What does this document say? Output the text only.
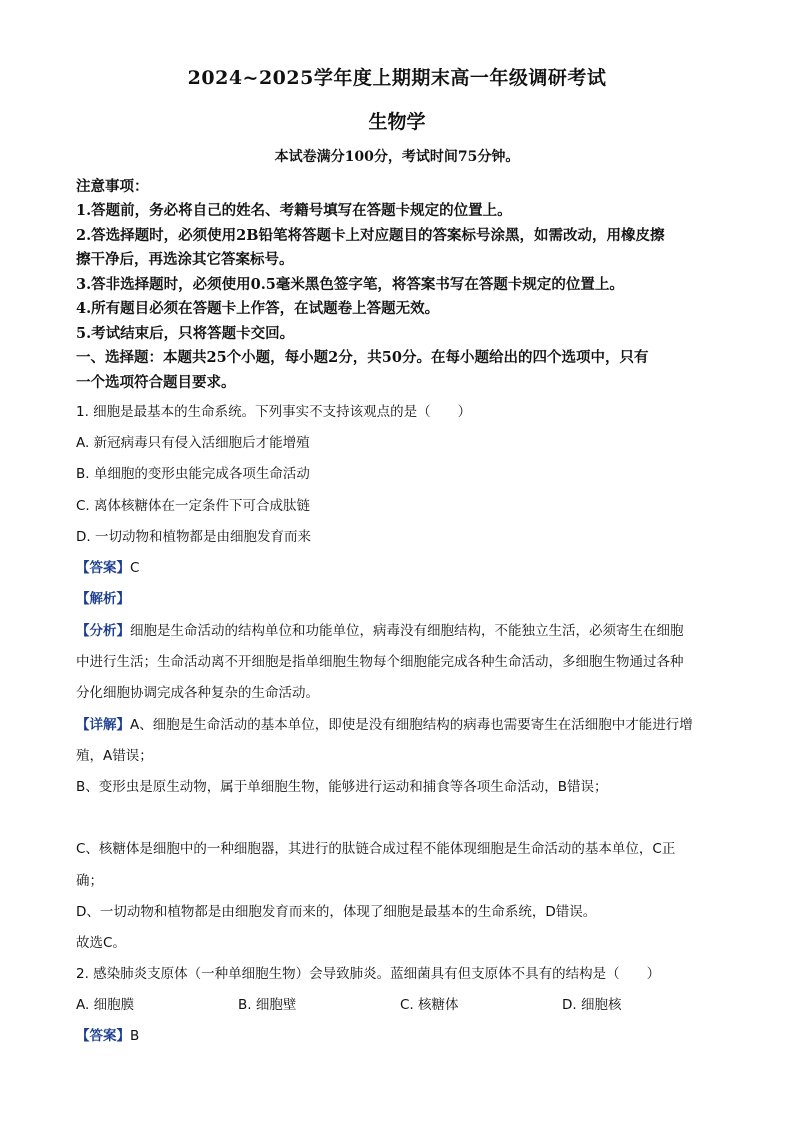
2024~2025学年度上期期末高一年级调研考试
生物学
本试卷满分100分，考试时间75分钟。
注意事项：
1.答题前，务必将自己的姓名、考籍号填写在答题卡规定的位置上。
2.答选择题时，必须使用2B铅笔将答题卡上对应题目的答案标号涂黑，如需改动，用橡皮擦
擦干净后，再选涂其它答案标号。
3.答非选择题时，必须使用0.5毫米黑色签字笔，将答案书写在答题卡规定的位置上。
4.所有题目必须在答题卡上作答，在试题卷上答题无效。
5.考试结束后，只将答题卡交回。
一、选择题：本题共25个小题，每小题2分，共50分。在每小题给出的四个选项中，只有
一个选项符合题目要求。
1. 细胞是最基本的生命系统。下列事实不支持该观点的是（　　）
A. 新冠病毒只有侵入活细胞后才能增殖
B. 单细胞的变形虫能完成各项生命活动
C. 离体核糖体在一定条件下可合成肽链
D. 一切动物和植物都是由细胞发育而来
【答案】C
【解析】
【分析】细胞是生命活动的结构单位和功能单位，病毒没有细胞结构，不能独立生活，必须寄生在细胞
中进行生活；生命活动离不开细胞是指单细胞生物每个细胞能完成各种生命活动，多细胞生物通过各种
分化细胞协调完成各种复杂的生命活动。
【详解】A、细胞是生命活动的基本单位，即使是没有细胞结构的病毒也需要寄生在活细胞中才能进行增
殖，A错误；
B、变形虫是原生动物，属于单细胞生物，能够进行运动和捕食等各项生命活动，B错误；
C、核糖体是细胞中的一种细胞器，其进行的肽链合成过程不能体现细胞是生命活动的基本单位，C正
确；
D、一切动物和植物都是由细胞发育而来的，体现了细胞是最基本的生命系统，D错误。
故选C。
2. 感染肺炎支原体（一种单细胞生物）会导致肺炎。蓝细菌具有但支原体不具有的结构是（　　）
A. 细胞膜	B. 细胞壁	C. 核糖体	D. 细胞核
【答案】B
